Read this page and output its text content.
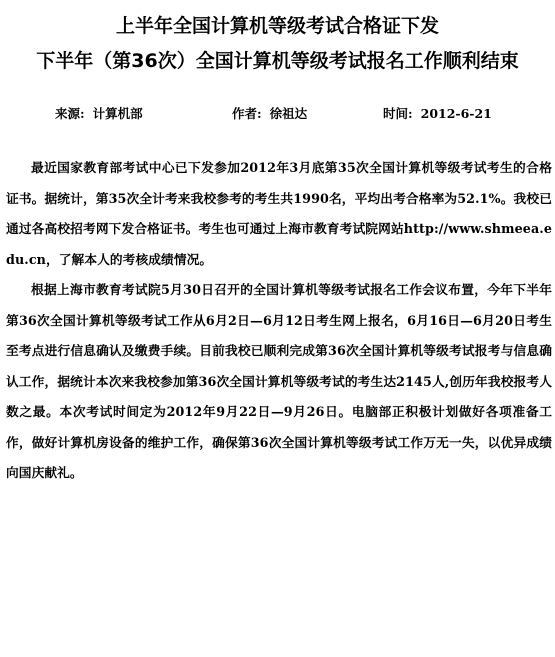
上半年全国计算机等级考试合格证下发
下半年（第36次）全国计算机等级考试报名工作顺利结束
来源: 计算机部	作者: 徐祖达	时间: 2012-6-21

最近国家教育部考试中心已下发参加2012年3月底第35次全国计算机等级考试考生的合格证书。据统计，第35次全计考来我校参考的考生共1990名，平均出考合格率为52.1%。我校已通过各高校招考网下发合格证书。考生也可通过上海市教育考试院网站http://www.shmeea.edu.cn，了解本人的考核成绩情况。

根据上海市教育考试院5月30日召开的全国计算机等级考试报名工作会议布置，今年下半年第36次全国计算机等级考试工作从6月2日—6月12日考生网上报名，6月16日—6月20日考生至考点进行信息确认及缴费手续。目前我校已顺利完成第36次全国计算机等级考试报考与信息确认工作，据统计本次来我校参加第36次全国计算机等级考试的考生达2145人,创历年我校报考人数之最。本次考试时间定为2012年9月22日—9月26日。电脑部正积极计划做好各项准备工作，做好计算机房设备的维护工作，确保第36次全国计算机等级考试工作万无一失，以优异成绩向国庆献礼。
